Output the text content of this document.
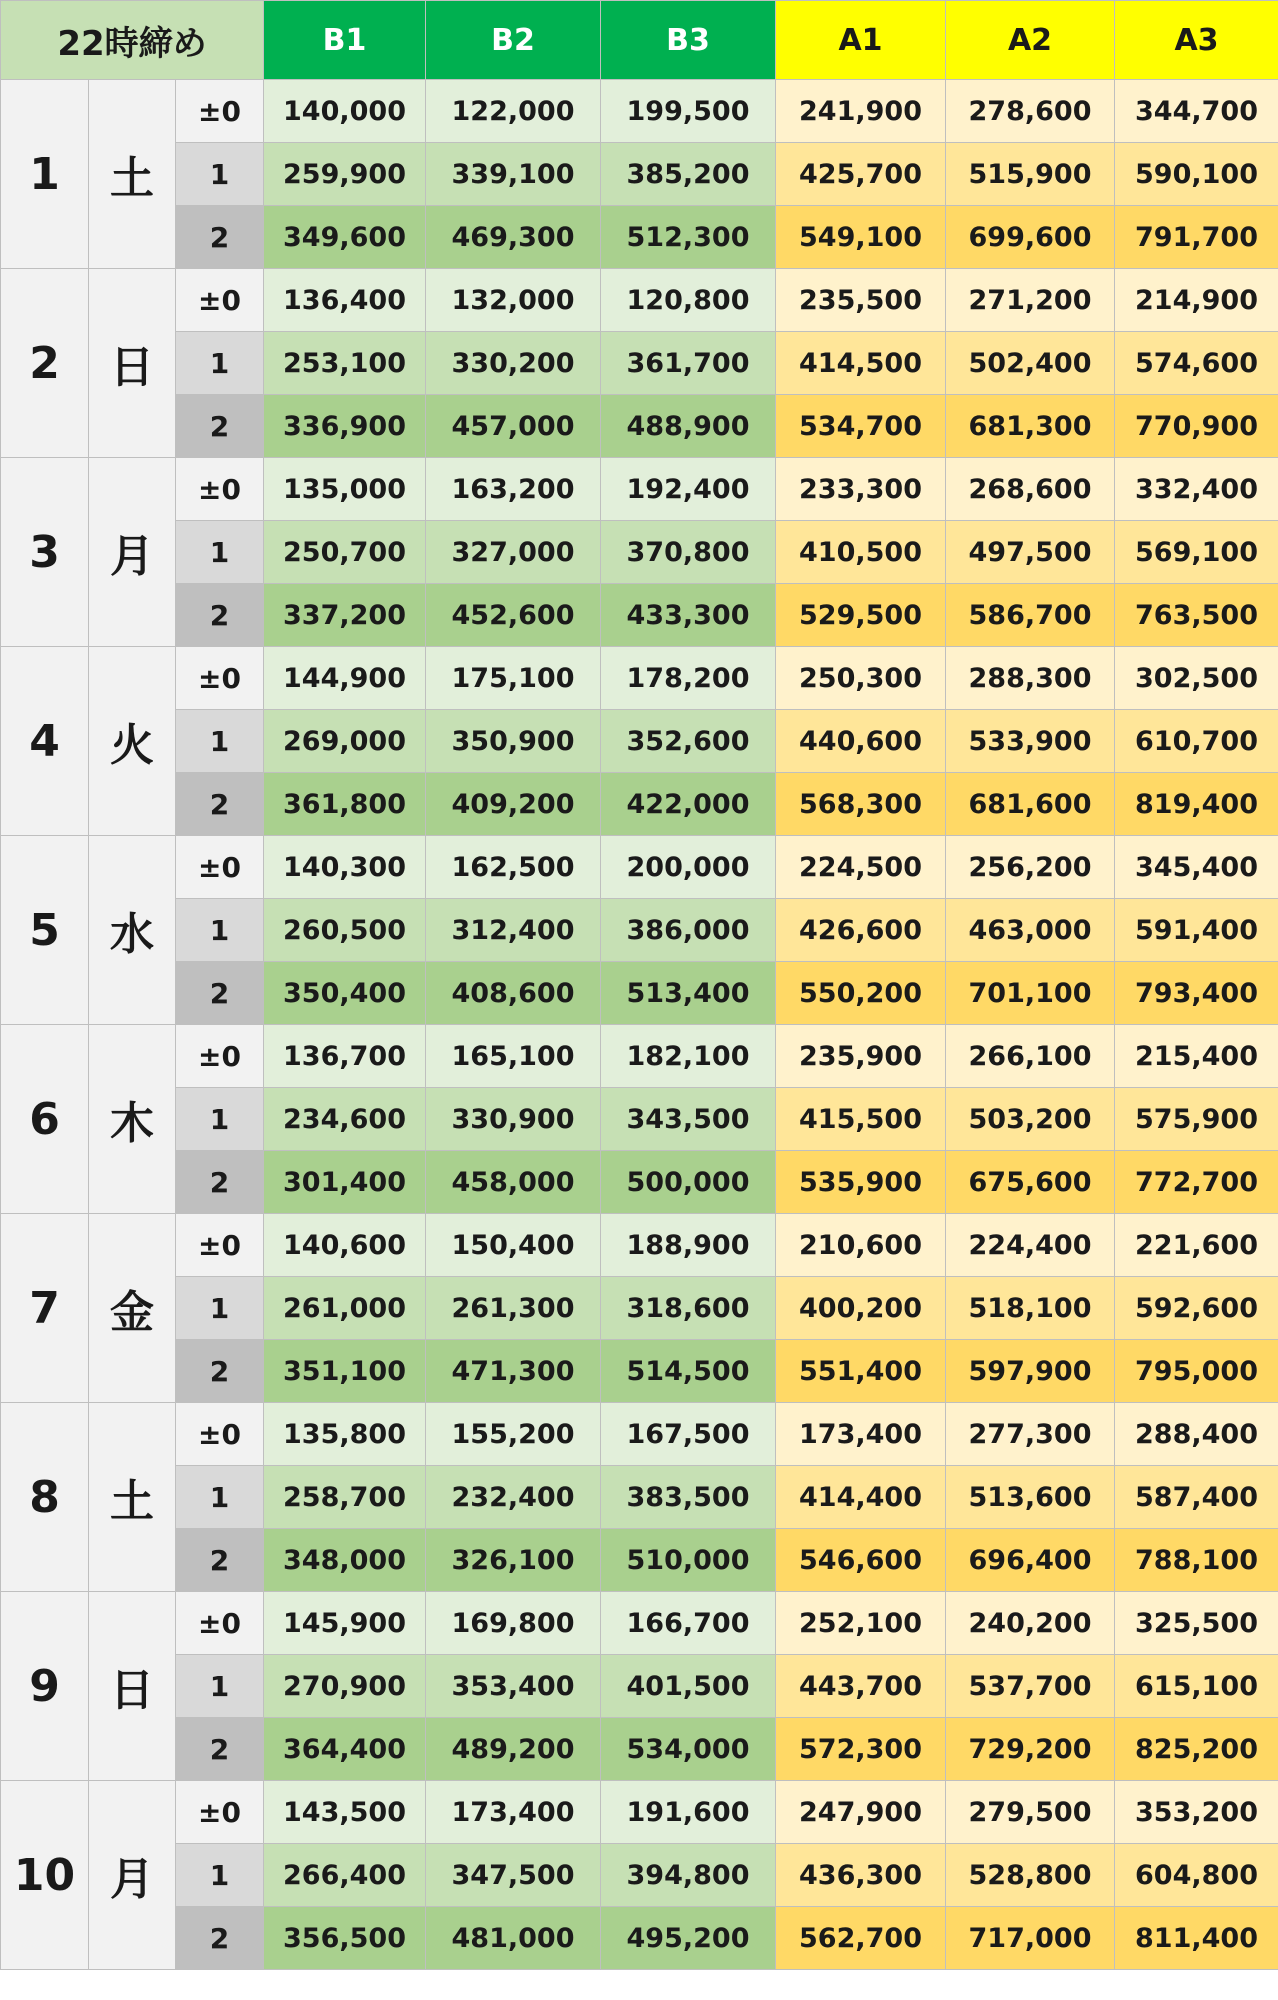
22時締め			B1	B2	B3	A1	A2	A3
1	土	±0	140,000	122,000	199,500	241,900	278,600	344,700
		1	259,900	339,100	385,200	425,700	515,900	590,100
		2	349,600	469,300	512,300	549,100	699,600	791,700
2	日	±0	136,400	132,000	120,800	235,500	271,200	214,900
		1	253,100	330,200	361,700	414,500	502,400	574,600
		2	336,900	457,000	488,900	534,700	681,300	770,900
3	月	±0	135,000	163,200	192,400	233,300	268,600	332,400
		1	250,700	327,000	370,800	410,500	497,500	569,100
		2	337,200	452,600	433,300	529,500	586,700	763,500
4	火	±0	144,900	175,100	178,200	250,300	288,300	302,500
		1	269,000	350,900	352,600	440,600	533,900	610,700
		2	361,800	409,200	422,000	568,300	681,600	819,400
5	水	±0	140,300	162,500	200,000	224,500	256,200	345,400
		1	260,500	312,400	386,000	426,600	463,000	591,400
		2	350,400	408,600	513,400	550,200	701,100	793,400
6	木	±0	136,700	165,100	182,100	235,900	266,100	215,400
		1	234,600	330,900	343,500	415,500	503,200	575,900
		2	301,400	458,000	500,000	535,900	675,600	772,700
7	金	±0	140,600	150,400	188,900	210,600	224,400	221,600
		1	261,000	261,300	318,600	400,200	518,100	592,600
		2	351,100	471,300	514,500	551,400	597,900	795,000
8	土	±0	135,800	155,200	167,500	173,400	277,300	288,400
		1	258,700	232,400	383,500	414,400	513,600	587,400
		2	348,000	326,100	510,000	546,600	696,400	788,100
9	日	±0	145,900	169,800	166,700	252,100	240,200	325,500
		1	270,900	353,400	401,500	443,700	537,700	615,100
		2	364,400	489,200	534,000	572,300	729,200	825,200
10	月	±0	143,500	173,400	191,600	247,900	279,500	353,200
		1	266,400	347,500	394,800	436,300	528,800	604,800
		2	356,500	481,000	495,200	562,700	717,000	811,400
